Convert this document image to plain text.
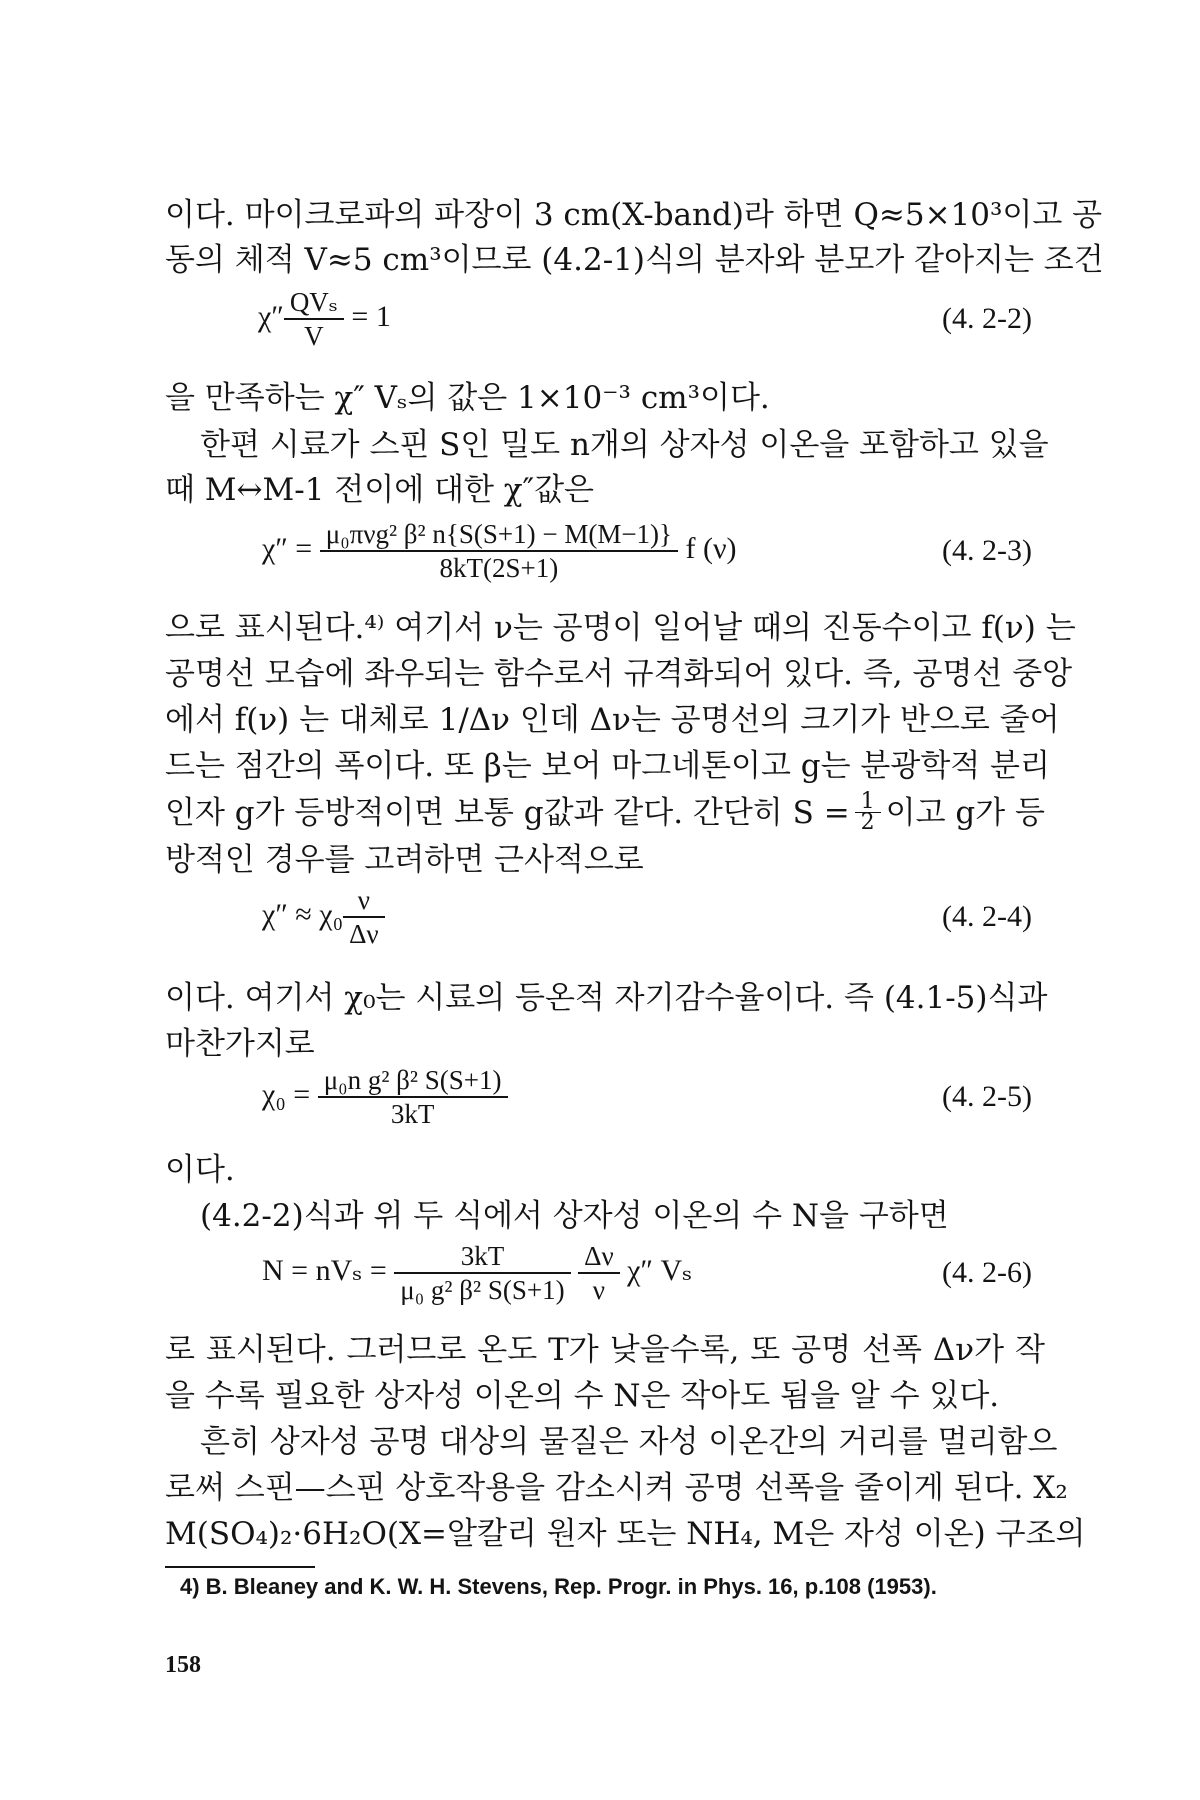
이다. 마이크로파의 파장이 3 cm(X-band)라 하면 Q≈5×10³이고 공
동의 체적 V≈5 cm³이므로 (4.2-1)식의 분자와 분모가 같아지는 조건
$\chi'' \frac{\text{QVₛ}}{V} = 1$	(4. 2-2)
을 만족하는 χ″ Vₛ의 값은 1×10⁻³ cm³이다.
한편 시료가 스핀 S인 밀도 n개의 상자성 이온을 포함하고 있을
때 M↔M-1 전이에 대한 χ″값은
$\chi'' = \frac{\text{μ₀πνg² β² n\{S(S+1) − M(M−1)\}}}{8kT(2S+1)}$ f (ν)	(4. 2-3)
으로 표시된다.⁴⁾ 여기서 ν는 공명이 일어날 때의 진동수이고 f(ν) 는
공명선 모습에 좌우되는 함수로서 규격화되어 있다. 즉, 공명선 중앙
에서 f(ν) 는 대체로 1/Δν 인데 Δν는 공명선의 크기가 반으로 줄어
드는 점간의 폭이다. 또 β는 보어 마그네톤이고 g는 분광학적 분리
인자 g가 등방적이면 보통 g값과 같다. 간단히 $S = \frac{1}{2}$ 이고 g가 등
방적인 경우를 고려하면 근사적으로
$\chi'' \approx \chi_0 \frac{\nu}{\Delta\nu}$	(4. 2-4)
이다. 여기서 χ₀는 시료의 등온적 자기감수율이다. 즉 (4.1-5)식과
마찬가지로
$\chi_0 = \frac{\text{μ₀n g² β² S(S+1)}}{3kT}$	(4. 2-5)
이다.
(4.2-2)식과 위 두 식에서 상자성 이온의 수 N을 구하면
$N = nV_s = \frac{3kT}{\text{μ₀ g² β² S(S+1)}}$
$\frac{\Delta\nu}{\nu} \chi''$ Vₛ	(4. 2-6)
로 표시된다. 그러므로 온도 T가 낮을수록, 또 공명 선폭 Δν가 작
을 수록 필요한 상자성 이온의 수 N은 작아도 됨을 알 수 있다.
흔히 상자성 공명 대상의 물질은 자성 이온간의 거리를 멀리함으
로써 스핀—스핀 상호작용을 감소시켜 공명 선폭을 줄이게 된다. X₂
M(SO₄)₂·6H₂O(X=알칼리 원자 또는 NH₄, M은 자성 이온) 구조의
4) B. Bleaney and K. W. H. Stevens, Rep. Progr. in Phys. 16, p.108 (1953).
158
